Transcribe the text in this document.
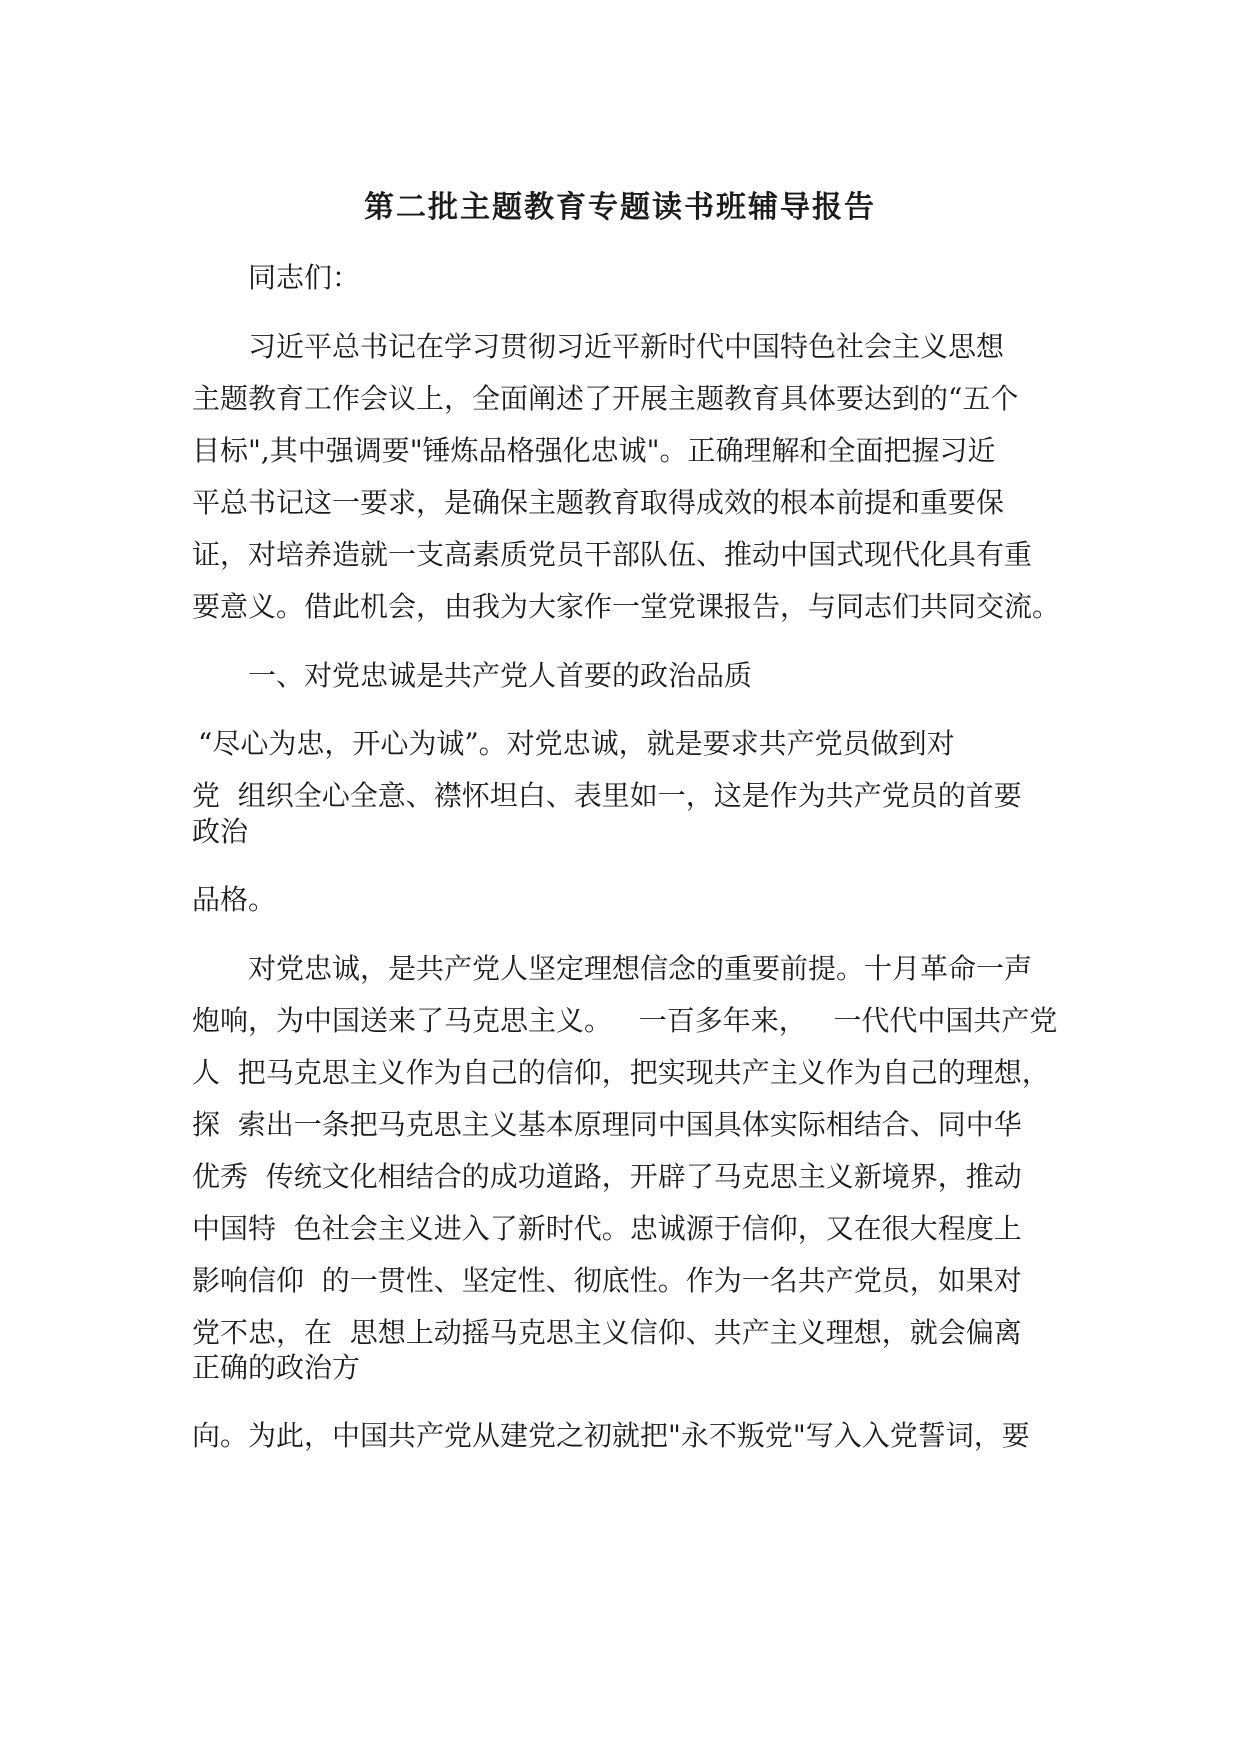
第二批主题教育专题读书班辅导报告
同志们：
习近平总书记在学习贯彻习近平新时代中国特色社会主义思想
主题教育工作会议上，全面阐述了开展主题教育具体要达到的“五个
目标",其中强调要"锤炼品格强化忠诚"。正确理解和全面把握习近
平总书记这一要求，是确保主题教育取得成效的根本前提和重要保
证，对培养造就一支高素质党员干部队伍、推动中国式现代化具有重
要意义。借此机会，由我为大家作一堂党课报告，与同志们共同交流。
一、对党忠诚是共产党人首要的政治品质
“尽心为忠，开心为诚”。对党忠诚，就是要求共产党员做到对
党  组织全心全意、襟怀坦白、表里如一，这是作为共产党员的首要
政治
品格。
对党忠诚，是共产党人坚定理想信念的重要前提。十月革命一声
炮响，为中国送来了马克思主义。   一百多年来，   一代代中国共产党
人  把马克思主义作为自己的信仰，把实现共产主义作为自己的理想，
探  索出一条把马克思主义基本原理同中国具体实际相结合、同中华
优秀  传统文化相结合的成功道路，开辟了马克思主义新境界，推动
中国特  色社会主义进入了新时代。忠诚源于信仰，又在很大程度上
影响信仰  的一贯性、坚定性、彻底性。作为一名共产党员，如果对
党不忠，在  思想上动摇马克思主义信仰、共产主义理想，就会偏离
正确的政治方
向。为此，中国共产党从建党之初就把"永不叛党"写入入党誓词，要
